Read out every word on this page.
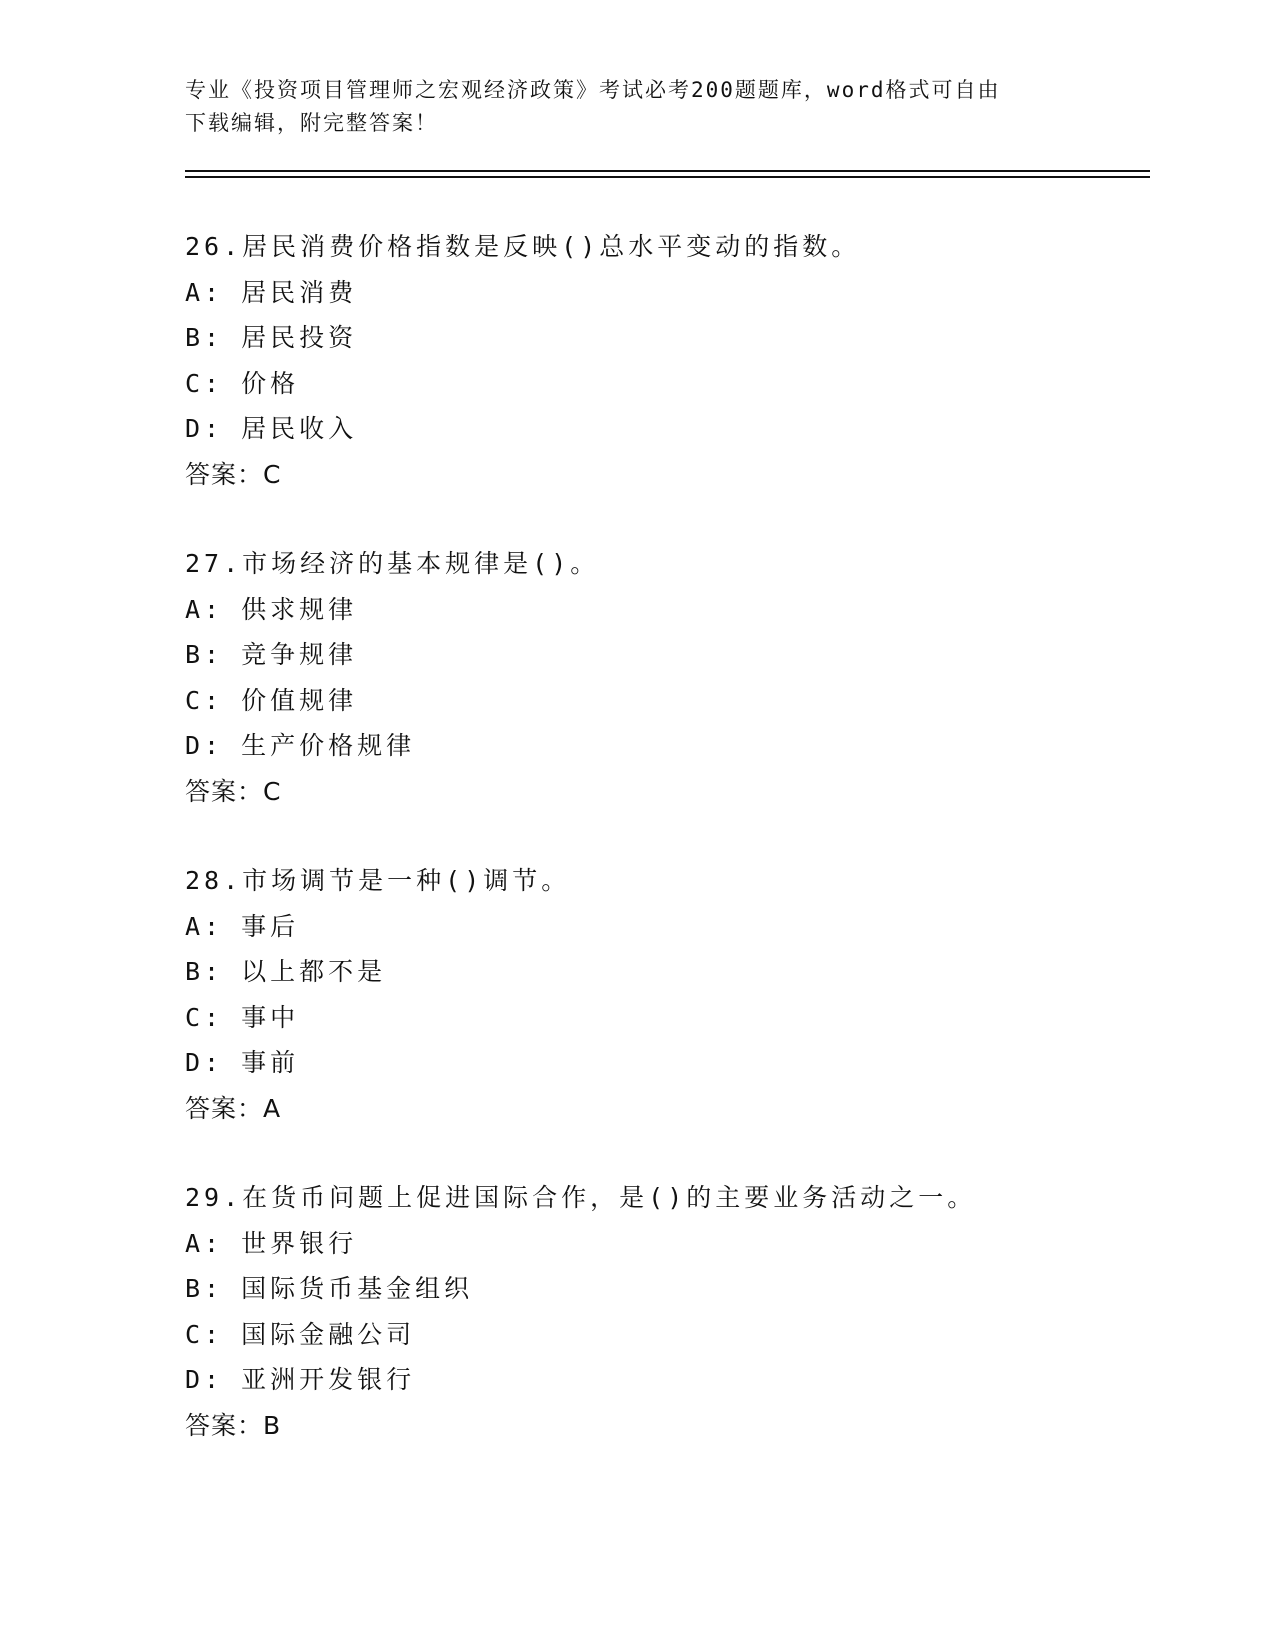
专业《投资项目管理师之宏观经济政策》考试必考200题题库，word格式可自由
下载编辑，附完整答案！
26.居民消费价格指数是反映()总水平变动的指数。
A: 居民消费
B: 居民投资
C: 价格
D: 居民收入
答案：C
27.市场经济的基本规律是()。
A: 供求规律
B: 竞争规律
C: 价值规律
D: 生产价格规律
答案：C
28.市场调节是一种()调节。
A: 事后
B: 以上都不是
C: 事中
D: 事前
答案：A
29.在货币问题上促进国际合作，是()的主要业务活动之一。
A: 世界银行
B: 国际货币基金组织
C: 国际金融公司
D: 亚洲开发银行
答案：B
